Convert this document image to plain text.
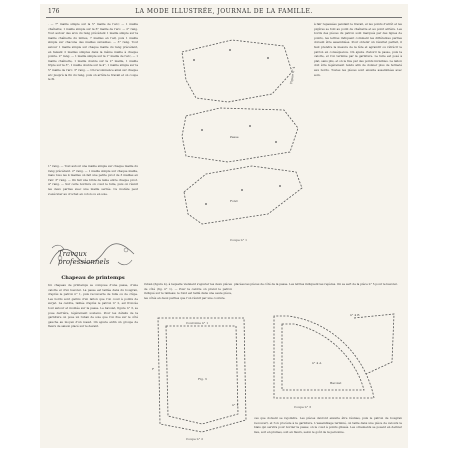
176	LA MODE ILLUSTRÉE, JOURNAL DE LA FAMILLE.
· — 7° maille simple sur la 5° maille de l'arc; — 1 maille chaînette; 1 maille simple sur la 6° maille de l'arc. — 2° rang. Tout autour des arcs du rang précédent 1 maille simple sur la maille chaînette du milieu, 7 mailles en l'air, puis 1 maille simple sur chacune des mailles suivantes. — 3° rang. Tout autour 1 maille simple sur chaque maille du rang précédent, en faisant 2 mailles simples dans la même maille à chaque pointe. 2° rang. — 1 maille simple sur la 1° maille de l'arc, — 1 maille chaînette, 1 maille double sur la 2° maille, 1 maille triple sur la 3°, 1 maille double sur la 4°, 1 maille simple sur la 5° maille de l'arc. 3° rang. — On recommence ainsi sur chaque arc jusqu'à la fin du rang, puis on arrête le travail et on coupe le fil.
1° rang. — Tout autour une maille simple sur chaque maille du rang précédent. 2° rang. — 1 maille simple sur chaque maille, mais tous les 4 mailles on fait une petite picot de 3 mailles en l'air. 3° rang. — On fait une bride de laine entre chaque picot. 4° rang. — Sur cette bordure on coud le tulle, puis on réunit les deux parties avec une maille serrée. Ce modèle peut s'exécuter au crochet en coton ou en soie.
Travaux professionnels
Chapeau de printemps
Un chapeau de printemps se compose d'une passe, d'une calotte et d'un bavolet. La passe est taillée dans du bougran, d'après le patron n° 1, puis recouverte de tulle ou de crêpe. Les bords sont garnis d'un laiton que l'on coud à points de surjet. La calotte, taillée d'après le patron n° 2, est froncée tout autour et montée sur la passe. Le bavolet, figure n° 3, se pose derrière, légèrement soutenu. Pour les détails de la garniture on pose un ruban de soie que l'on fixe sur le côté gauche au moyen d'un nœud. On ajoute enfin un groupe de fleurs de saison placé sur le devant.
Figure n° 4
Passe
Fond
à fair repassées pendant le travail, et les points d'arrêt et les piqûres se font au point de chaînette et au point arrière. Les bords des pièces du patron sont marqués par des lignes de points, les lettres indiquent comment les différentes parties doivent être assemblées. Pour obtenir un résultat parfait, il faut prendre la mesure de la tête et agrandir ou rétrécir le patron en conséquence. On ajuste d'abord la passe, puis la calotte, et l'on termine par la garniture. Le tulle est posé à plat, sans plis, et on le fixe par des points invisibles. Le laiton doit être légèrement tendu afin de donner plus de fermeté aux bords. Toutes les pièces sont ensuite assemblées avec soin.
ruban (figure 4), à laquelle viennent s'ajouter les deux pièces de côté (fig. n° 1). — Pour la calotte on prend le patron indiqué sur le tableau; le fond est taillé dans une seule pièce, les côtés en deux parties que l'on réunit par une couture.
placées les pièces de côté de la passe. Les lettres indiquent les repères. On se sert de la pièce n° 5 pour le bavolet.
Couronne n° 1
Fig. 3
n° 1
F
Coupe n° 2
n° 4 B
n° 4 A
Bavolet
Coupe n° 3
ces que doivent se rejoindre. Les pièces devront ensuite être réunies, puis le patron de bougran recouvert, et l'on procède à la garniture. L'assemblage terminé, on taille dans une pièce de velours le biais qui servira pour border la passe; on le coud à points glissés. Les ornements se posent en dernier lieu, soit en plumes, soit en fleurs, selon le goût de la personne.
Coupe n° 1
